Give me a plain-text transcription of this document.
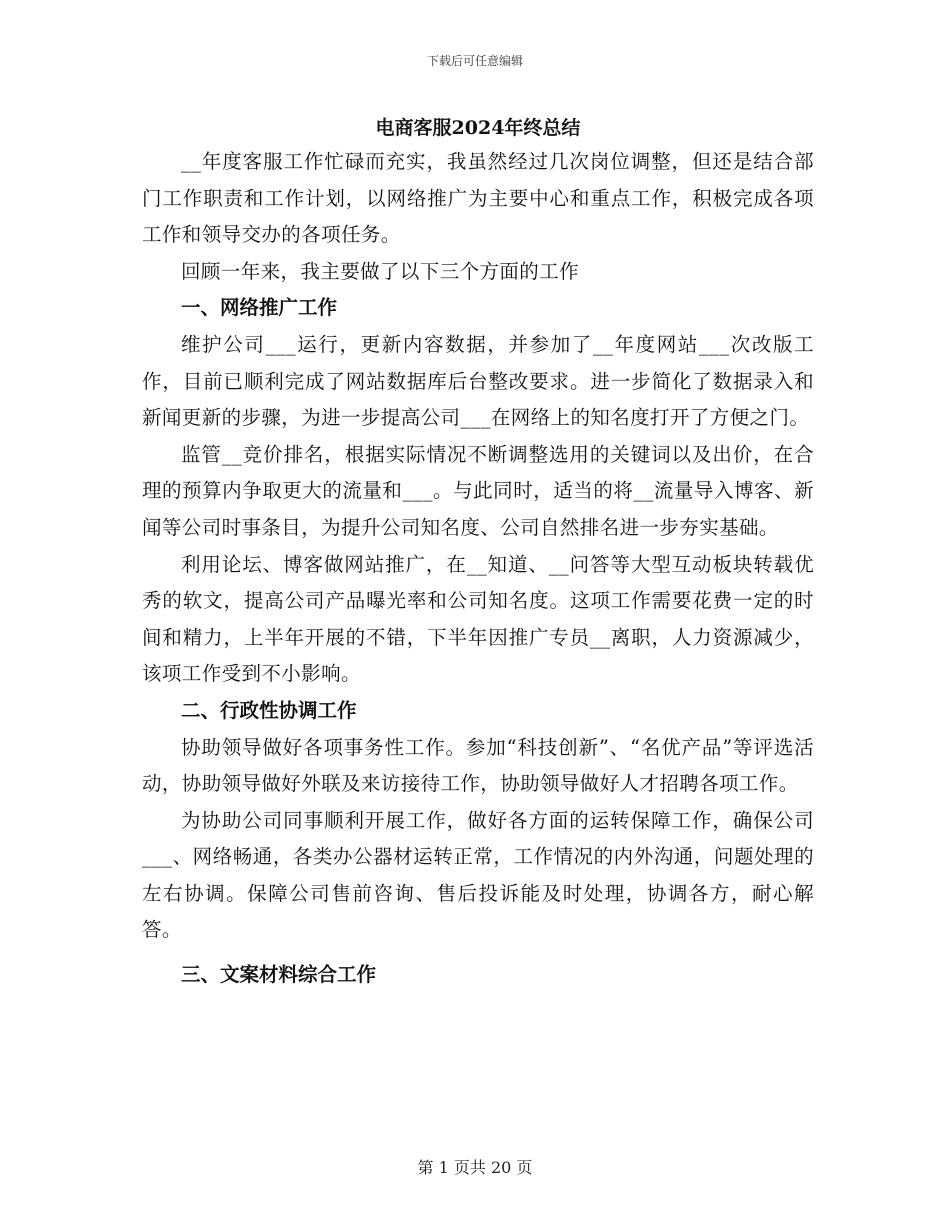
下载后可任意编辑
电商客服2024年终总结

__年度客服工作忙碌而充实，我虽然经过几次岗位调整，但还是结合部门工作职责和工作计划，以网络推广为主要中心和重点工作，积极完成各项工作和领导交办的各项任务。

回顾一年来，我主要做了以下三个方面的工作

一、网络推广工作

维护公司___运行，更新内容数据，并参加了__年度网站___次改版工作，目前已顺利完成了网站数据库后台整改要求。进一步简化了数据录入和新闻更新的步骤，为进一步提高公司___在网络上的知名度打开了方便之门。

监管__竞价排名，根据实际情况不断调整选用的关键词以及出价，在合理的预算内争取更大的流量和___。与此同时，适当的将__流量导入博客、新闻等公司时事条目，为提升公司知名度、公司自然排名进一步夯实基础。

利用论坛、博客做网站推广，在__知道、__问答等大型互动板块转载优秀的软文，提高公司产品曝光率和公司知名度。这项工作需要花费一定的时间和精力，上半年开展的不错，下半年因推广专员__离职，人力资源减少，该项工作受到不小影响。

二、行政性协调工作

协助领导做好各项事务性工作。参加“科技创新”、“名优产品”等评选活动，协助领导做好外联及来访接待工作，协助领导做好人才招聘各项工作。

为协助公司同事顺利开展工作，做好各方面的运转保障工作，确保公司___、网络畅通，各类办公器材运转正常，工作情况的内外沟通，问题处理的左右协调。保障公司售前咨询、售后投诉能及时处理，协调各方，耐心解答。

三、文案材料综合工作

第 1 页共 20 页
